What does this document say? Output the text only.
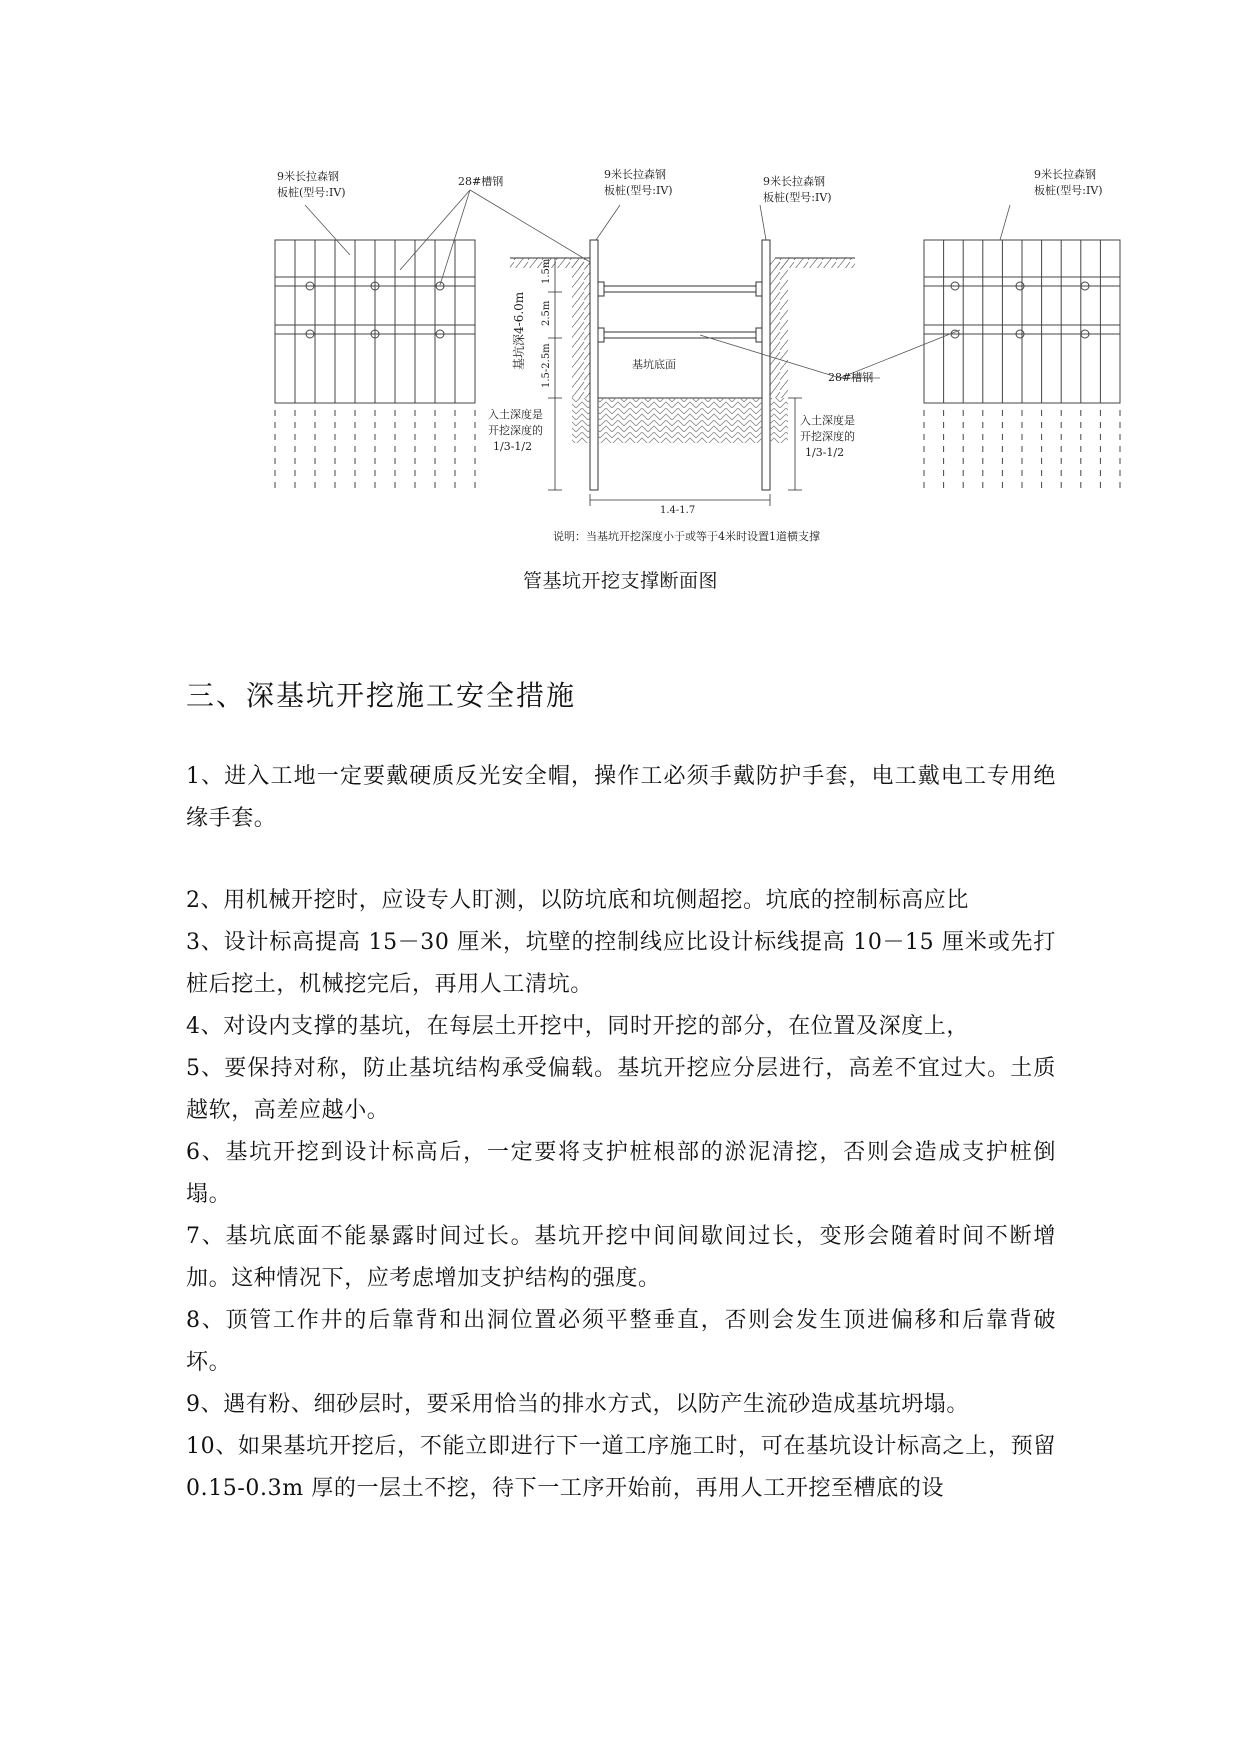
9米长拉森钢
板桩(型号:IV)
28#槽钢
9米长拉森钢
板桩(型号:IV)
9米长拉森钢
板桩(型号:IV)
9米长拉森钢
板桩(型号:IV)
28#槽钢
基坑深4-6.0m
1.5m
2.5m
1.5-2.5m	基坑底面
入土深度是
开挖深度的
1/3-1/2
入土深度是
开挖深度的
1/3-1/2
1.4-1.7
说明：当基坑开挖深度小于或等于4米时设置1道横支撑
管基坑开挖支撑断面图
三、深基坑开挖施工安全措施

1、进入工地一定要戴硬质反光安全帽，操作工必须手戴防护手套，电工戴电工专用绝缘手套。

2、用机械开挖时，应设专人盯测，以防坑底和坑侧超挖。坑底的控制标高应比

3、设计标高提高 15－30 厘米，坑壁的控制线应比设计标线提高 10－15 厘米或先打桩后挖土，机械挖完后，再用人工清坑。

4、对设内支撑的基坑，在每层土开挖中，同时开挖的部分，在位置及深度上，

5、要保持对称，防止基坑结构承受偏载。基坑开挖应分层进行，高差不宜过大。土质越软，高差应越小。

6、基坑开挖到设计标高后，一定要将支护桩根部的淤泥清挖，否则会造成支护桩倒塌。

7、基坑底面不能暴露时间过长。基坑开挖中间间歇间过长，变形会随着时间不断增加。这种情况下，应考虑增加支护结构的强度。

8、顶管工作井的后靠背和出洞位置必须平整垂直，否则会发生顶进偏移和后靠背破坏。

9、遇有粉、细砂层时，要采用恰当的排水方式，以防产生流砂造成基坑坍塌。

10、如果基坑开挖后，不能立即进行下一道工序施工时，可在基坑设计标高之上，预留 0.15-0.3m 厚的一层土不挖，待下一工序开始前，再用人工开挖至槽底的设
